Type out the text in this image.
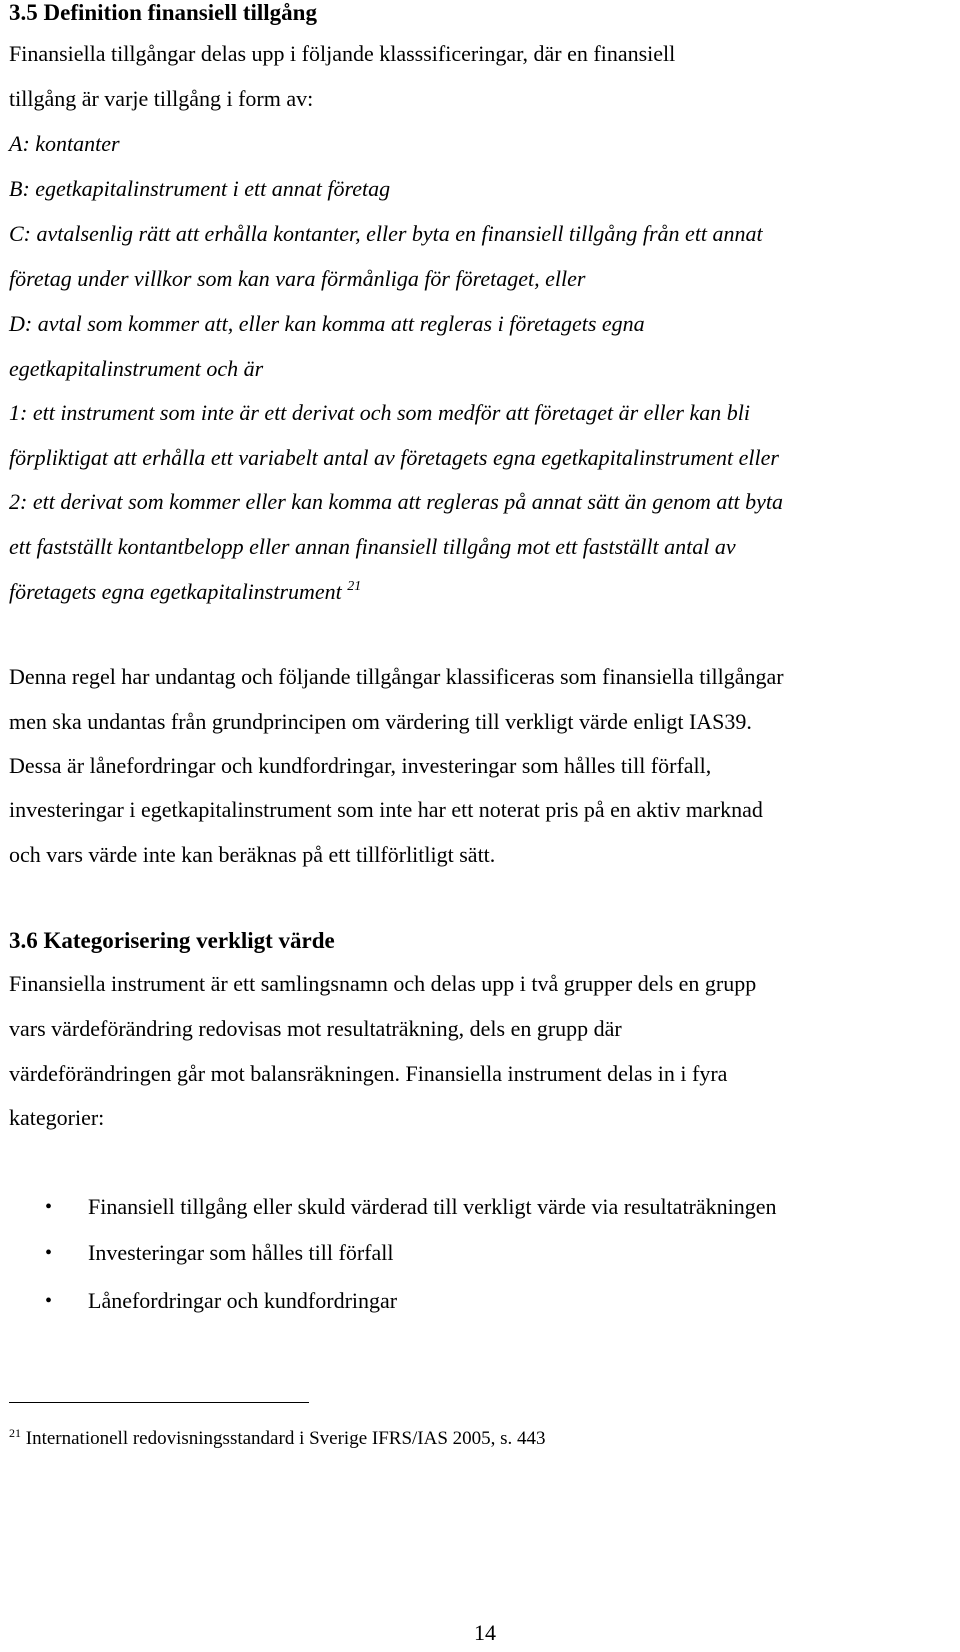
3.5 Definition finansiell tillgång
Finansiella tillgångar delas upp i följande klasssificeringar, där en finansiell
tillgång är varje tillgång i form av:
A: kontanter
B: egetkapitalinstrument i ett annat företag
C: avtalsenlig rätt att erhålla kontanter, eller byta en finansiell tillgång från ett annat
företag under villkor som kan vara förmånliga för företaget, eller
D: avtal som kommer att, eller kan komma att regleras i företagets egna
egetkapitalinstrument och är
1: ett instrument som inte är ett derivat och som medför att företaget är eller kan bli
förpliktigat att erhålla ett variabelt antal av företagets egna egetkapitalinstrument eller
2: ett derivat som kommer eller kan komma att regleras på annat sätt än genom att byta
ett fastställt kontantbelopp eller annan finansiell tillgång mot ett fastställt antal av
företagets egna egetkapitalinstrument $^{21}$
Denna regel har undantag och följande tillgångar klassificeras som finansiella tillgångar
men ska undantas från grundprincipen om värdering till verkligt värde enligt IAS39.
Dessa är lånefordringar och kundfordringar, investeringar som hålles till förfall,
investeringar i egetkapitalinstrument som inte har ett noterat pris på en aktiv marknad
och vars värde inte kan beräknas på ett tillförlitligt sätt.
3.6 Kategorisering verkligt värde
Finansiella instrument är ett samlingsnamn och delas upp i två grupper dels en grupp
vars värdeförändring redovisas mot resultaträkning, dels en grupp där
värdeförändringen går mot balansräkningen. Finansiella instrument delas in i fyra
kategorier:
• Finansiell tillgång eller skuld värderad till verkligt värde via resultaträkningen
• Investeringar som hålles till förfall
• Lånefordringar och kundfordringar
$^{21}$ Internationell redovisningsstandard i Sverige IFRS/IAS 2005, s. 443
14
